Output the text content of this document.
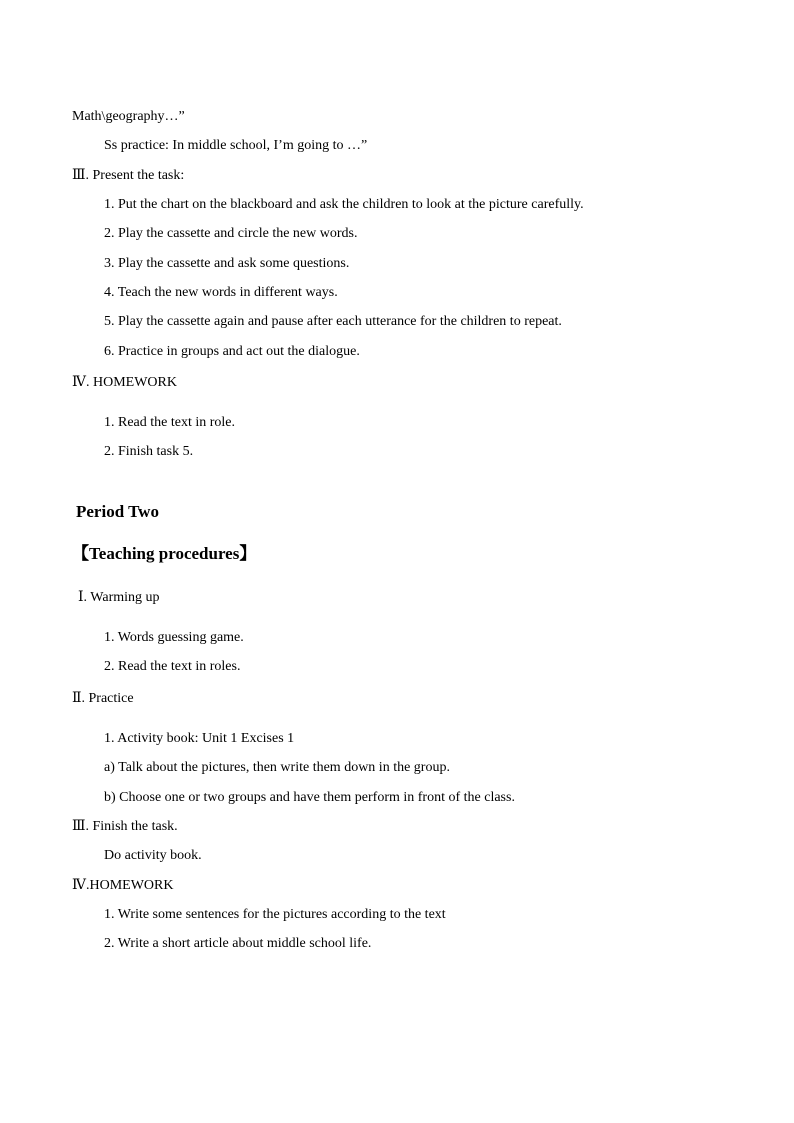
Math\geography…”
Ss practice: In middle school, I’m going to …”
Ⅲ. Present the task:
1. Put the chart on the blackboard and ask the children to look at the picture carefully.
2. Play the cassette and circle the new words.
3. Play the cassette and ask some questions.
4. Teach the new words in different ways.
5. Play the cassette again and pause after each utterance for the children to repeat.
6. Practice in groups and act out the dialogue.
Ⅳ. HOMEWORK
1. Read the text in role.
2. Finish task 5.
Period Two
【Teaching procedures】
Ⅰ. Warming up
1. Words guessing game.
2. Read the text in roles.
Ⅱ. Practice
1. Activity book: Unit 1 Excises 1
a) Talk about the pictures, then write them down in the group.
b) Choose one or two groups and have them perform in front of the class.
Ⅲ. Finish the task.
Do activity book.
Ⅳ.HOMEWORK
1. Write some sentences for the pictures according to the text
2. Write a short article about middle school life.
